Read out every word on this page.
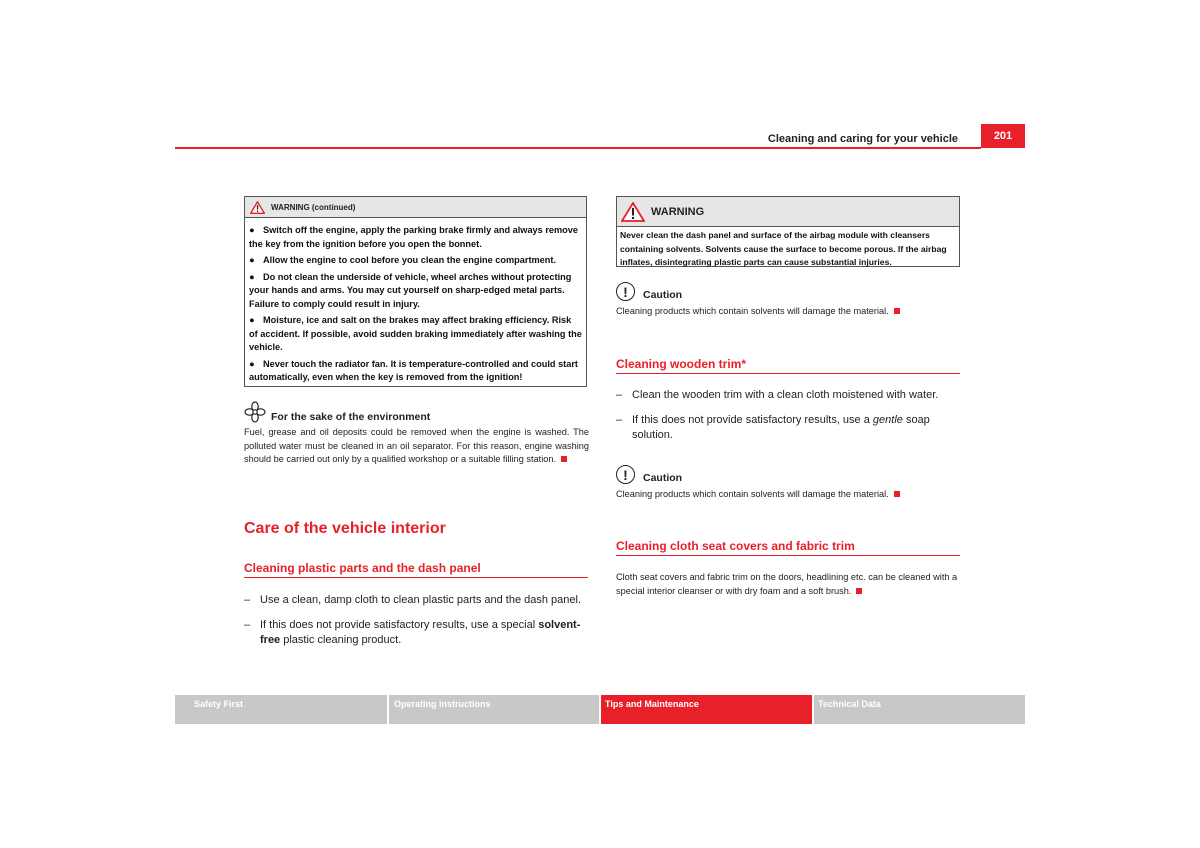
Cleaning and caring for your vehicle	201
WARNING (continued)

● Switch off the engine, apply the parking brake firmly and always remove the key from the ignition before you open the bonnet.

● Allow the engine to cool before you clean the engine compartment.

● Do not clean the underside of vehicle, wheel arches without protecting your hands and arms. You may cut yourself on sharp-edged metal parts. Failure to comply could result in injury.

● Moisture, ice and salt on the brakes may affect braking efficiency. Risk of accident. If possible, avoid sudden braking immediately after washing the vehicle.

● Never touch the radiator fan. It is temperature-controlled and could start automatically, even when the key is removed from the ignition!

For the sake of the environment
Fuel, grease and oil deposits could be removed when the engine is washed. The polluted water must be cleaned in an oil separator. For this reason, engine washing should be carried out only by a qualified workshop or a suitable filling station.
Care of the vehicle interior
Cleaning plastic parts and the dash panel
– Use a clean, damp cloth to clean plastic parts and the dash panel.
– If this does not provide satisfactory results, use a special solvent-free plastic cleaning product.
WARNING
Never clean the dash panel and surface of the airbag module with cleansers containing solvents. Solvents cause the surface to become porous. If the airbag inflates, disintegrating plastic parts can cause substantial injuries.
!	Caution
Cleaning products which contain solvents will damage the material.
Cleaning wooden trim*
– Clean the wooden trim with a clean cloth moistened with water.
– If this does not provide satisfactory results, use a gentle soap solution.
!	Caution
Cleaning products which contain solvents will damage the material.
Cleaning cloth seat covers and fabric trim
Cloth seat covers and fabric trim on the doors, headlining etc. can be cleaned with a special interior cleanser or with dry foam and a soft brush.
Safety First	Operating instructions	Tips and Maintenance	Technical Data
